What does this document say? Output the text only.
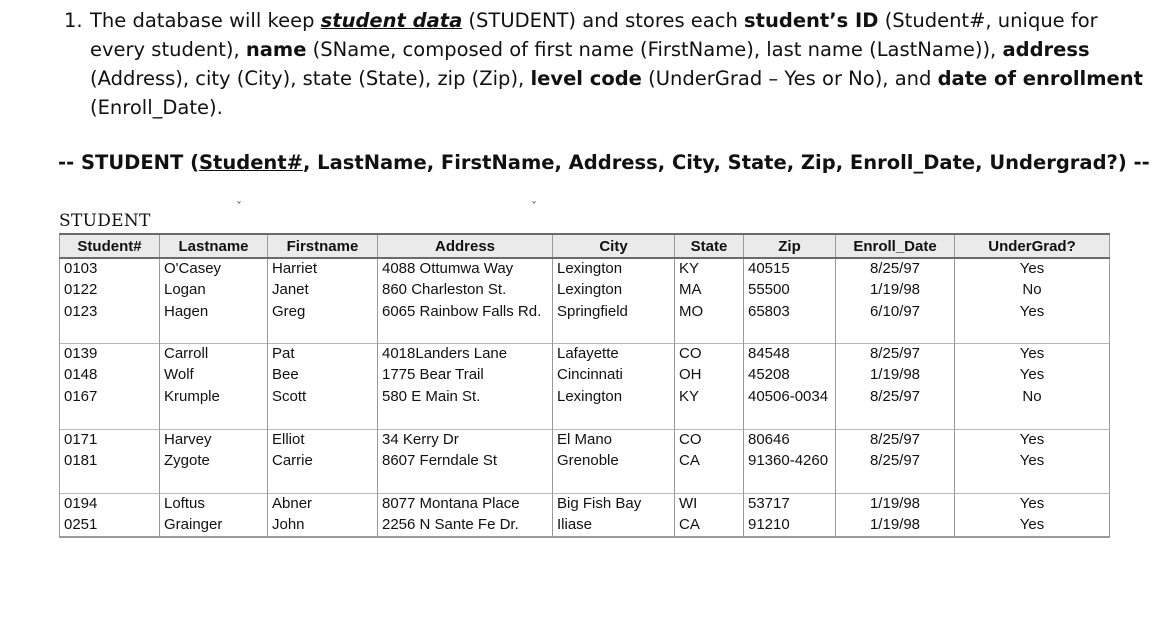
1. The database will keep student data (STUDENT) and stores each student’s ID (Student#, unique for every student), name (SName, composed of first name (FirstName), last name (LastName)), address (Address), city (City), state (State), zip (Zip), level code (UnderGrad – Yes or No), and date of enrollment (Enroll_Date).
-- STUDENT (Student#, LastName, FirstName, Address, City, State, Zip, Enroll_Date, Undergrad?) --
ˇ	ˇ
STUDENT
Student#	Lastname	Firstname	Address	City	State	Zip	Enroll_Date	UnderGrad?
0103	O'Casey	Harriet	4088 Ottumwa Way	Lexington	KY	40515	8/25/97	Yes
0122	Logan	Janet	860 Charleston St.	Lexington	MA	55500	1/19/98	No
0123	Hagen	Greg	6065 Rainbow Falls Rd.	Springfield	MO	65803	6/10/97	Yes
0139	Carroll	Pat	4018Landers Lane	Lafayette	CO	84548	8/25/97	Yes
0148	Wolf	Bee	1775 Bear Trail	Cincinnati	OH	45208	1/19/98	Yes
0167	Krumple	Scott	580 E Main St.	Lexington	KY	40506-0034	8/25/97	No
0171	Harvey	Elliot	34 Kerry Dr	El Mano	CO	80646	8/25/97	Yes
0181	Zygote	Carrie	8607 Ferndale St	Grenoble	CA	91360-4260	8/25/97	Yes
0194	Loftus	Abner	8077 Montana Place	Big Fish Bay	WI	53717	1/19/98	Yes
0251	Grainger	John	2256 N Sante Fe Dr.	Iliase	CA	91210	1/19/98	Yes
